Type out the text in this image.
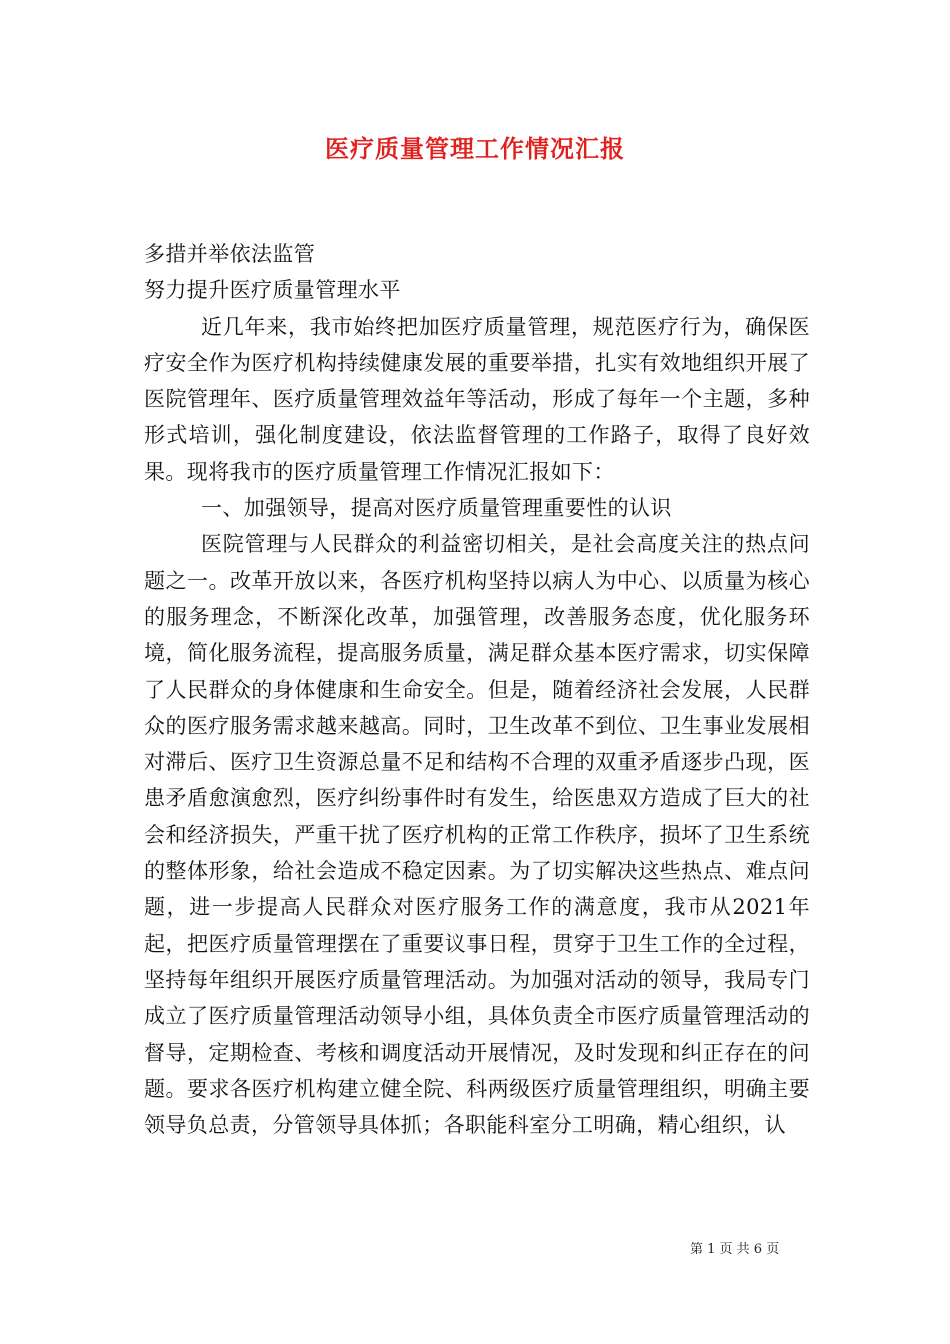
医疗质量管理工作情况汇报

多措并举依法监管

努力提升医疗质量管理水平

近几年来，我市始终把加医疗质量管理，规范医疗行为，确保医疗安全作为医疗机构持续健康发展的重要举措，扎实有效地组织开展了医院管理年、医疗质量管理效益年等活动，形成了每年一个主题，多种形式培训，强化制度建设，依法监督管理的工作路子，取得了良好效果。现将我市的医疗质量管理工作情况汇报如下：

一、加强领导，提高对医疗质量管理重要性的认识

医院管理与人民群众的利益密切相关，是社会高度关注的热点问题之一。改革开放以来，各医疗机构坚持以病人为中心、以质量为核心的服务理念，不断深化改革，加强管理，改善服务态度，优化服务环境，简化服务流程，提高服务质量，满足群众基本医疗需求，切实保障了人民群众的身体健康和生命安全。但是，随着经济社会发展，人民群众的医疗服务需求越来越高。同时，卫生改革不到位、卫生事业发展相对滞后、医疗卫生资源总量不足和结构不合理的双重矛盾逐步凸现，医患矛盾愈演愈烈，医疗纠纷事件时有发生，给医患双方造成了巨大的社会和经济损失，严重干扰了医疗机构的正常工作秩序，损坏了卫生系统的整体形象，给社会造成不稳定因素。为了切实解决这些热点、难点问题，进一步提高人民群众对医疗服务工作的满意度，我市从2021年起，把医疗质量管理摆在了重要议事日程，贯穿于卫生工作的全过程，坚持每年组织开展医疗质量管理活动。为加强对活动的领导，我局专门成立了医疗质量管理活动领导小组，具体负责全市医疗质量管理活动的督导，定期检查、考核和调度活动开展情况，及时发现和纠正存在的问题。要求各医疗机构建立健全院、科两级医疗质量管理组织，明确主要领导负总责，分管领导具体抓；各职能科室分工明确，精心组织，认

第 1 页 共 6 页
